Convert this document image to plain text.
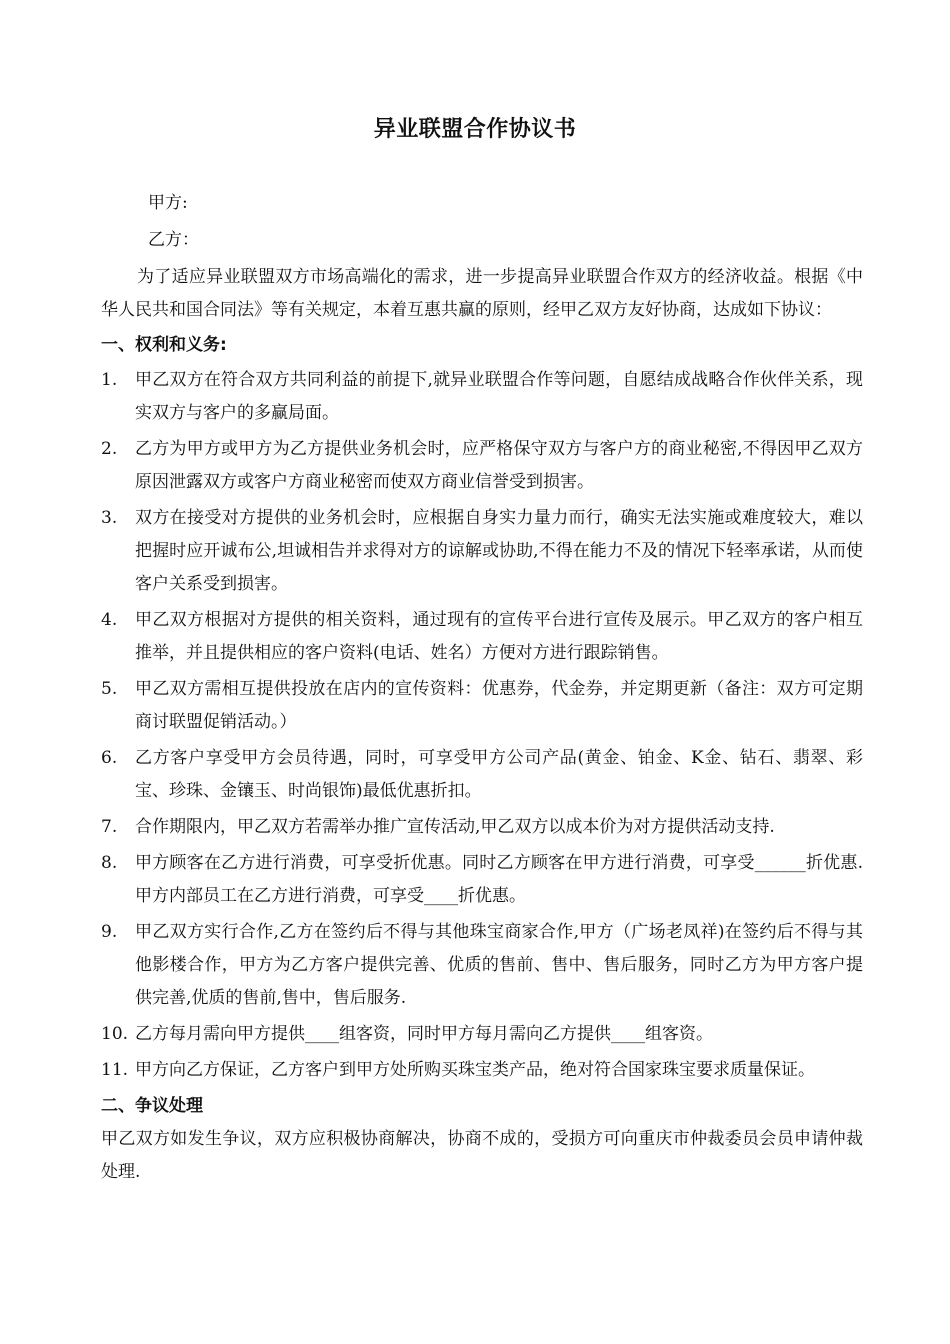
异业联盟合作协议书
甲方:
乙方：
为了适应异业联盟双方市场高端化的需求，进一步提高异业联盟合作双方的经济收益。根据《中华人民共和国合同法》等有关规定，本着互惠共赢的原则，经甲乙双方友好协商，达成如下协议：
一、权利和义务:
1.	甲乙双方在符合双方共同利益的前提下,就异业联盟合作等问题，自愿结成战略合作伙伴关系，现实双方与客户的多赢局面。
2.	乙方为甲方或甲方为乙方提供业务机会时，应严格保守双方与客户方的商业秘密,不得因甲乙双方原因泄露双方或客户方商业秘密而使双方商业信誉受到损害。
3.	双方在接受对方提供的业务机会时，应根据自身实力量力而行，确实无法实施或难度较大，难以把握时应开诚布公,坦诚相告并求得对方的谅解或协助,不得在能力不及的情况下轻率承诺，从而使客户关系受到损害。
4.	甲乙双方根据对方提供的相关资料，通过现有的宣传平台进行宣传及展示。甲乙双方的客户相互推举，并且提供相应的客户资料(电话、姓名）方便对方进行跟踪销售。
5.	甲乙双方需相互提供投放在店内的宣传资料：优惠券，代金券，并定期更新（备注：双方可定期商讨联盟促销活动。）
6.	乙方客户享受甲方会员待遇，同时，可享受甲方公司产品(黄金、铂金、K金、钻石、翡翠、彩宝、珍珠、金镶玉、时尚银饰)最低优惠折扣。
7.	合作期限内，甲乙双方若需举办推广宣传活动,甲乙双方以成本价为对方提供活动支持.
8.	甲方顾客在乙方进行消费，可享受折优惠。同时乙方顾客在甲方进行消费，可享受______折优惠.甲方内部员工在乙方进行消费，可享受____折优惠。
9.	甲乙双方实行合作,乙方在签约后不得与其他珠宝商家合作,甲方（广场老凤祥)在签约后不得与其他影楼合作，甲方为乙方客户提供完善、优质的售前、售中、售后服务，同时乙方为甲方客户提供完善,优质的售前,售中，售后服务.
10. 乙方每月需向甲方提供____组客资，同时甲方每月需向乙方提供____组客资。
11. 甲方向乙方保证，乙方客户到甲方处所购买珠宝类产品，绝对符合国家珠宝要求质量保证。
二、争议处理
甲乙双方如发生争议，双方应积极协商解决，协商不成的，受损方可向重庆市仲裁委员会员申请仲裁处理.
